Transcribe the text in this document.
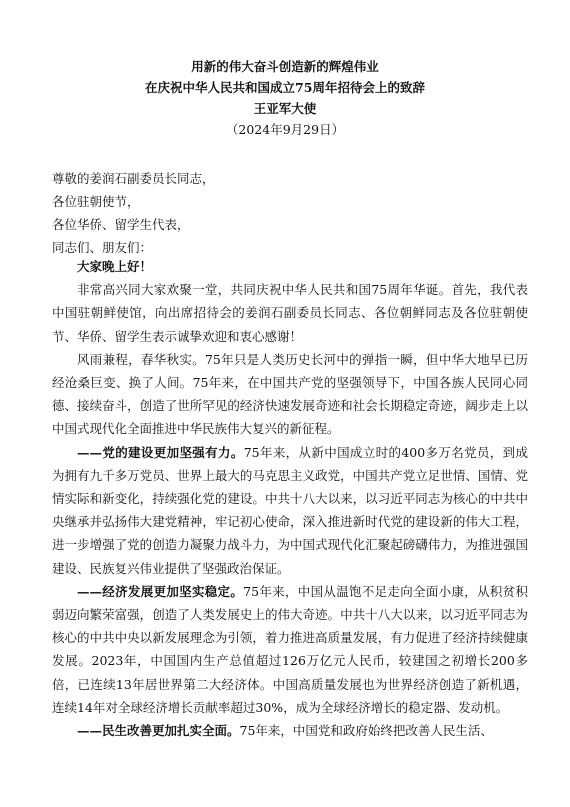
用新的伟大奋斗创造新的辉煌伟业
在庆祝中华人民共和国成立75周年招待会上的致辞
王亚军大使
（2024年9月29日）
尊敬的姜润石副委员长同志，
各位驻朝使节，
各位华侨、留学生代表，
同志们、朋友们：

大家晚上好！

非常高兴同大家欢聚一堂，共同庆祝中华人民共和国75周年华诞。首先，我代表中国驻朝鲜使馆，向出席招待会的姜润石副委员长同志、各位朝鲜同志及各位驻朝使节、华侨、留学生表示诚挚欢迎和衷心感谢！

风雨兼程，春华秋实。75年只是人类历史长河中的弹指一瞬，但中华大地早已历经沧桑巨变、换了人间。75年来，在中国共产党的坚强领导下，中国各族人民同心同德、接续奋斗，创造了世所罕见的经济快速发展奇迹和社会长期稳定奇迹，阔步走上以中国式现代化全面推进中华民族伟大复兴的新征程。

——党的建设更加坚强有力。75年来，从新中国成立时的400多万名党员，到成为拥有九千多万党员、世界上最大的马克思主义政党，中国共产党立足世情、国情、党情实际和新变化，持续强化党的建设。中共十八大以来，以习近平同志为核心的中共中央继承并弘扬伟大建党精神，牢记初心使命，深入推进新时代党的建设新的伟大工程，进一步增强了党的创造力凝聚力战斗力，为中国式现代化汇聚起磅礴伟力，为推进强国建设、民族复兴伟业提供了坚强政治保证。

——经济发展更加坚实稳定。75年来，中国从温饱不足走向全面小康，从积贫积弱迈向繁荣富强，创造了人类发展史上的伟大奇迹。中共十八大以来，以习近平同志为核心的中共中央以新发展理念为引领，着力推进高质量发展，有力促进了经济持续健康发展。2023年，中国国内生产总值超过126万亿元人民币，较建国之初增长200多倍，已连续13年居世界第二大经济体。中国高质量发展也为世界经济创造了新机遇，连续14年对全球经济增长贡献率超过30%，成为全球经济增长的稳定器、发动机。

——民生改善更加扎实全面。75年来，中国党和政府始终把改善人民生活、
